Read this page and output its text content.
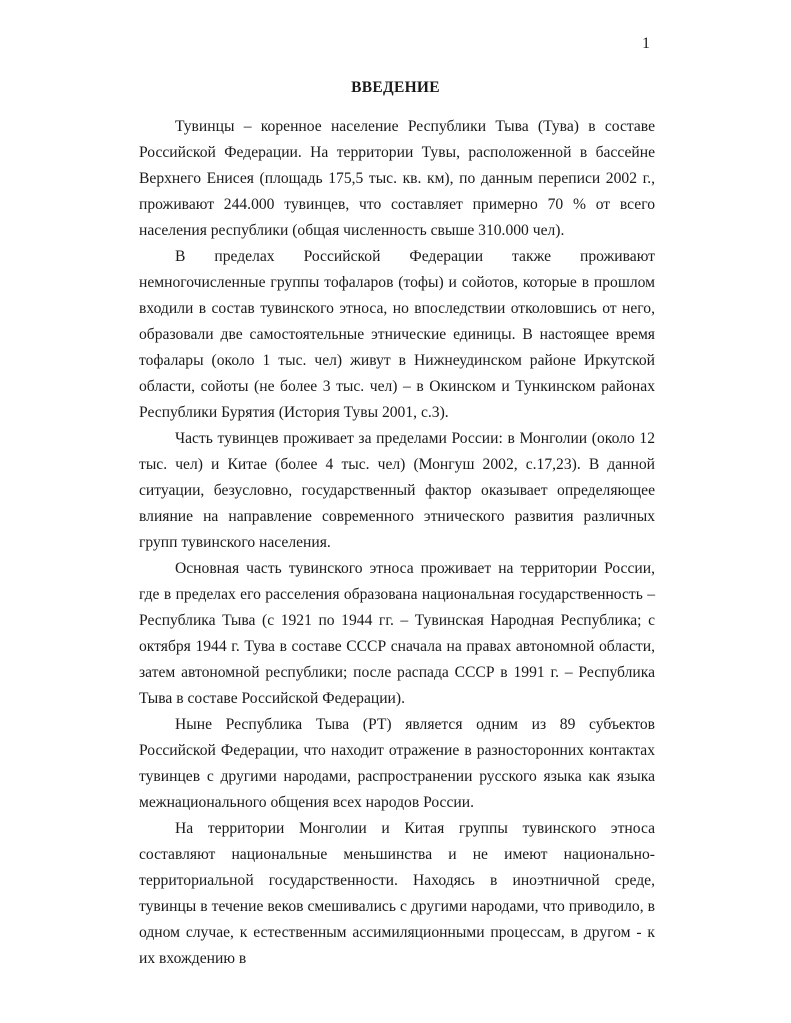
1
ВВЕДЕНИЕ

Тувинцы – коренное население Республики Тыва (Тува) в составе Российской Федерации. На территории Тувы, расположенной в бассейне Верхнего Енисея (площадь 175,5 тыс. кв. км), по данным переписи 2002 г., проживают 244.000 тувинцев, что составляет примерно 70 % от всего населения республики (общая численность свыше 310.000 чел).

В пределах Российской Федерации также проживают немногочисленные группы тофаларов (тофы) и сойотов, которые в прошлом входили в состав тувинского этноса, но впоследствии отколовшись от него, образовали две самостоятельные этнические единицы. В настоящее время тофалары (около 1 тыс. чел) живут в Нижнеудинском районе Иркутской области, сойоты (не более 3 тыс. чел) – в Окинском и Тункинском районах Республики Бурятия (История Тувы 2001, с.3).

Часть тувинцев проживает за пределами России: в Монголии (около 12 тыс. чел) и Китае (более 4 тыс. чел) (Монгуш 2002, с.17,23). В данной ситуации, безусловно, государственный фактор оказывает определяющее влияние на направление современного этнического развития различных групп тувинского населения.

Основная часть тувинского этноса проживает на территории России, где в пределах его расселения образована национальная государственность – Республика Тыва (с 1921 по 1944 гг. – Тувинская Народная Республика; с октября 1944 г. Тува в составе СССР сначала на правах автономной области, затем автономной республики; после распада СССР в 1991 г. – Республика Тыва в составе Российской Федерации).

Ныне Республика Тыва (РТ) является одним из 89 субъектов Российской Федерации, что находит отражение в разносторонних контактах тувинцев с другими народами, распространении русского языка как языка межнационального общения всех народов России.

На территории Монголии и Китая группы тувинского этноса составляют национальные меньшинства и не имеют национально-территориальной государственности. Находясь в иноэтничной среде, тувинцы в течение веков смешивались с другими народами, что приводило, в одном случае, к естественным ассимиляционными процессам, в другом - к их вхождению в
